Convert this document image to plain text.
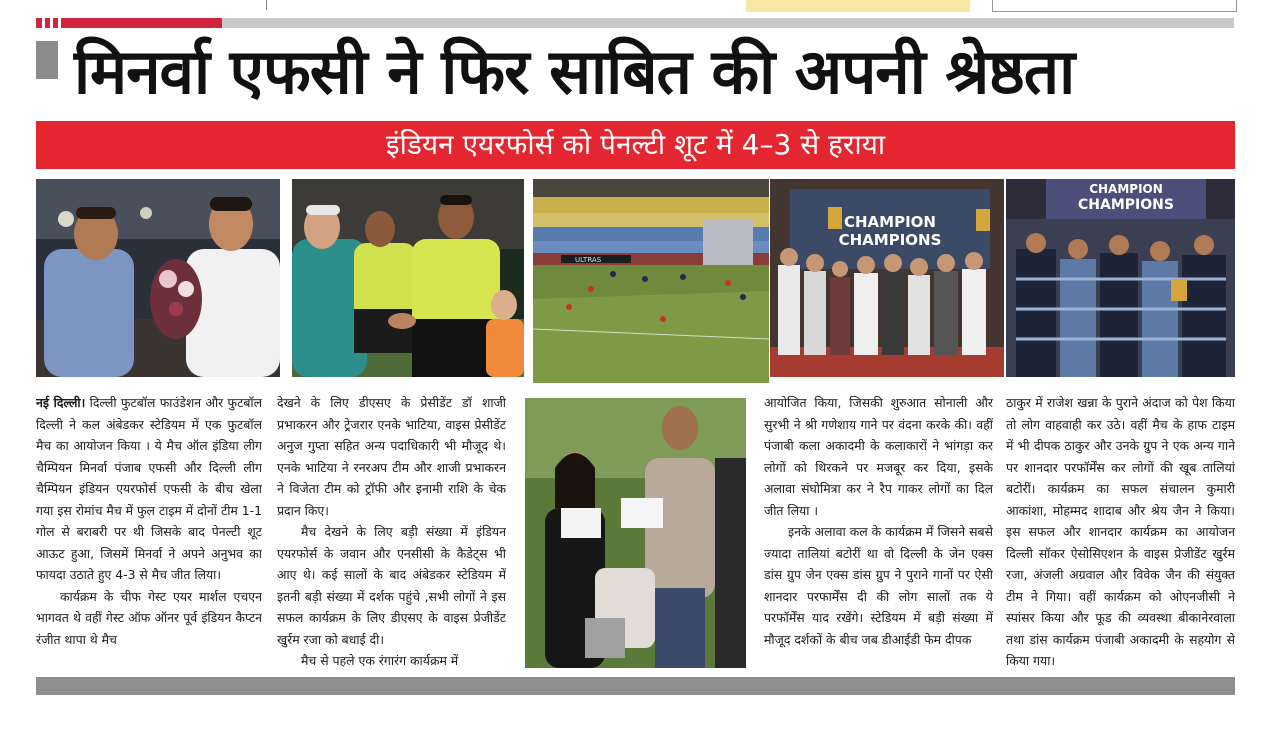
मिनर्वा एफसी ने फिर साबित की अपनी श्रेष्ठता
इंडियन एयरफोर्स को पेनल्टी शूट में 4–3 से हराया
ULTRAS
CHAMPION
CHAMPIONS
CHAMPION
CHAMPIONS

नई दिल्ली। दिल्ली फुटबॉल फाउंडेशन और फुटबॉल दिल्ली ने कल अंबेडकर स्टेडियम में एक फुटबॉल मैच का आयोजन किया । ये मैच ऑल इंडिया लीग चैम्पियन मिनर्वा पंजाब एफसी और दिल्ली लीग चैम्पियन इंडियन एयरफोर्स एफसी के बीच खेला गया इस रोमांच मैच में फुल टाइम में दोनों टीम 1-1 गोल से बराबरी पर थी जिसके बाद पेनल्टी शूट आऊट हुआ, जिसमें मिनर्वा ने अपने अनुभव का फायदा उठाते हुए 4-3 से मैच जीत लिया।

कार्यक्रम के चीफ गेस्ट एयर मार्शल एचएन भागवत थे वहीं गेस्ट ऑफ ऑनर पूर्व इंडियन कैप्टन रंजीत थापा थे मैच

देखने के लिए डीएसए के प्रेसीडेंट डॉ शाजी प्रभाकरन और ट्रेजरार एनके भाटिया, वाइस प्रेसीडेंट अनुज गुप्ता सहित अन्य पदाधिकारी भी मौजूद थे। एनके भाटिया ने रनरअप टीम और शाजी प्रभाकरन ने विजेता टीम को ट्रॉफी और इनामी राशि के चेक प्रदान किए।

मैच देखने के लिए बड़ी संख्या में इंडियन एयरफोर्स के जवान और एनसीसी के कैडेट्स भी आए थे। कई सालों के बाद अंबेडकर स्टेडियम में इतनी बड़ी संख्या में दर्शक पहुंचे ,सभी लोगों ने इस सफल कार्यक्रम के लिए डीएसए के वाइस प्रेजीडेंट खुर्रम रजा को बधाई दी।

मैच से पहले एक रंगारंग कार्यक्रम में

आयोजित किया, जिसकी शुरुआत सोनाली और सुरभी ने श्री गणेशाय गाने पर वंदना करके की। वहीं पंजाबी कला अकादमी के कलाकारों ने भांगड़ा कर लोगों को थिरकने पर मजबूर कर दिया, इसके अलावा संघोमित्रा कर ने रैप गाकर लोगों का दिल जीत लिया ।

इनके अलावा कल के कार्यक्रम में जिसने सबसे ज्यादा तालियां बटोरीं था वो दिल्ली के जेन एक्स डांस ग्रुप जेन एक्स डांस ग्रुप ने पुराने गानों पर ऐसी शानदार परफार्मेंस दी की लोग सालों तक ये परफॉर्मेंस याद रखेंगे। स्टेडियम में बड़ी संख्या में मौजूद दर्शकों के बीच जब डीआईडी फेम दीपक

ठाकुर में राजेश खन्ना के पुराने अंदाज को पेश किया तो लोग वाहवाही कर उठे। वहीं मैच के हाफ टाइम में भी दीपक ठाकुर और उनके ग्रुप ने एक अन्य गाने पर शानदार परफॉर्मेंस कर लोगों की खूब तालियां बटोरीं। कार्यक्रम का सफल संचालन कुमारी आकांशा, मोहम्मद शादाब और श्रेय जैन ने किया। इस सफल और शानदार कार्यक्रम का आयोजन दिल्ली सॉकर ऐसोसिएशन के वाइस प्रेजीडेंट खुर्रम रजा, अंजली अग्रवाल और विवेक जैन की संयुक्त टीम ने गिया। वहीं कार्यक्रम को ओएनजीसी ने स्पांसर किया और फूड की व्यवस्था बीकानेरवाला तथा डांस कार्यक्रम पंजाबी अकादमी के सहयोग से किया गया।
